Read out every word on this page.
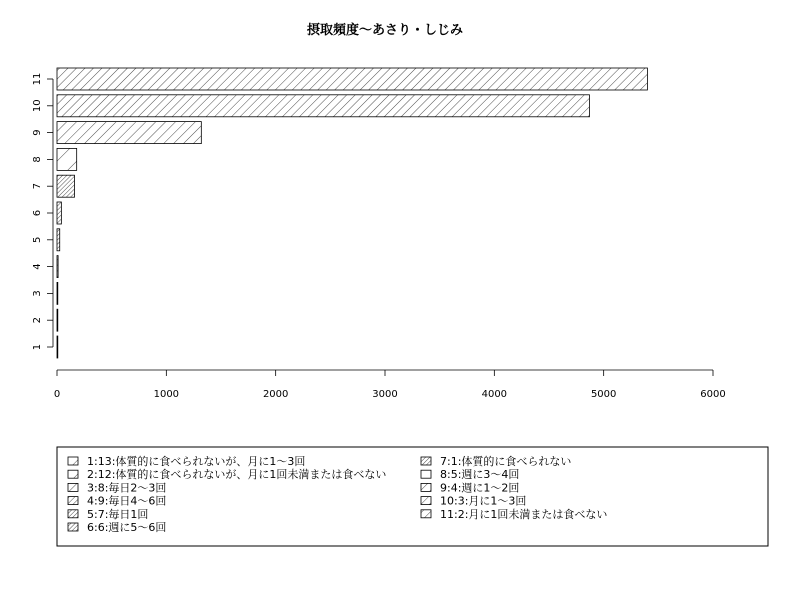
摂取頻度〜あさり・しじみ
1
2
3
4
5
6
7
8
9
10
11
0	1000	2000	3000	4000	5000	6000
1:13:体質的に食べられないが、月に1〜3回
2:12:体質的に食べられないが、月に1回未満または食べない
3:8:毎日2〜3回
4:9:毎日4〜6回
5:7:毎日1回
6:6:週に5〜6回
7:1:体質的に食べられない
8:5:週に3〜4回
9:4:週に1〜2回
10:3:月に1〜3回
11:2:月に1回未満または食べない
